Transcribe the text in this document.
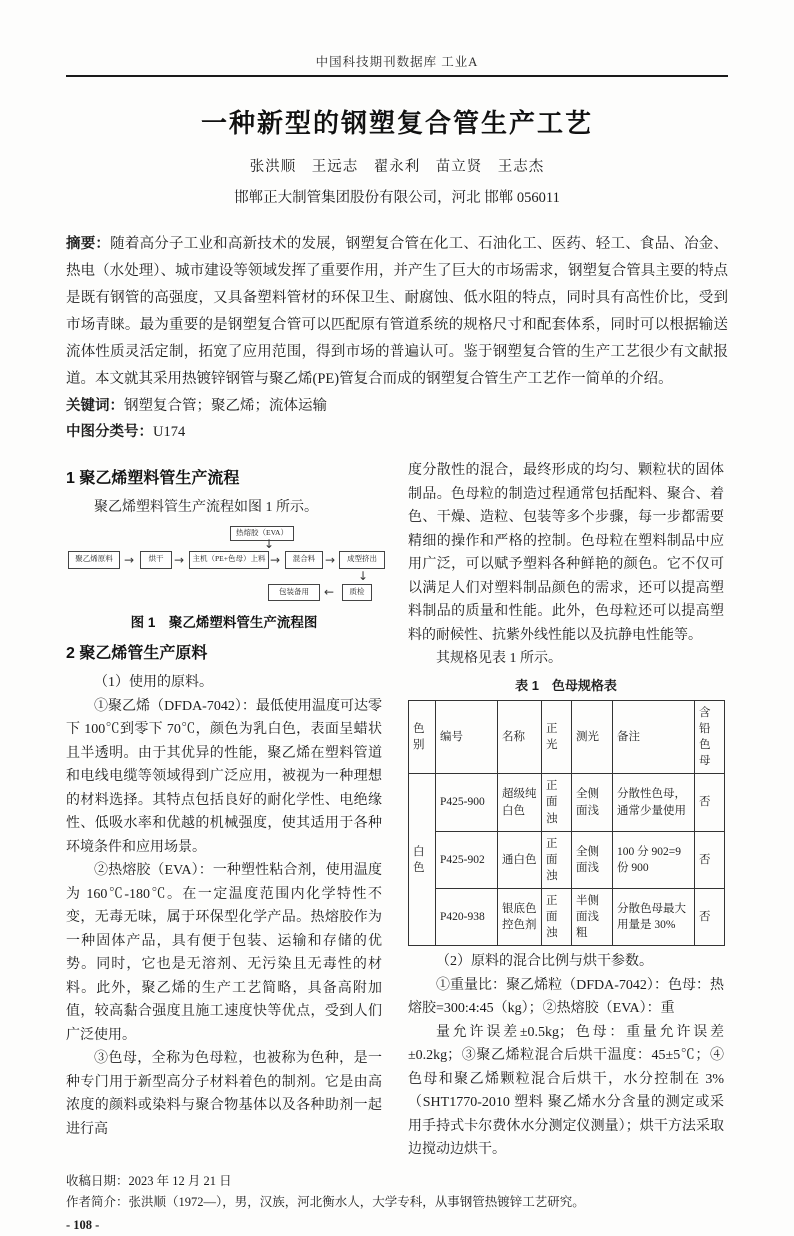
中国科技期刊数据库 工业A
一种新型的钢塑复合管生产工艺
张洪顺　王远志　翟永利　苗立贤　王志杰
邯郸正大制管集团股份有限公司，河北 邯郸 056011

摘要：随着高分子工业和高新技术的发展，钢塑复合管在化工、石油化工、医药、轻工、食品、冶金、热电（水处理）、城市建设等领域发挥了重要作用，并产生了巨大的市场需求，钢塑复合管具主要的特点是既有钢管的高强度，又具备塑料管材的环保卫生、耐腐蚀、低水阻的特点，同时具有高性价比，受到市场青睐。最为重要的是钢塑复合管可以匹配原有管道系统的规格尺寸和配套体系，同时可以根据输送流体性质灵活定制，拓宽了应用范围，得到市场的普遍认可。鉴于钢塑复合管的生产工艺很少有文献报道。本文就其采用热镀锌钢管与聚乙烯(PE)管复合而成的钢塑复合管生产工艺作一简单的介绍。

关键词：钢塑复合管；聚乙烯；流体运输

中图分类号：U174

1 聚乙烯塑料管生产流程

聚乙烯塑料管生产流程如图 1 所示。

热熔胶（EVA）
↓
聚乙烯原料 →	烘干 →	主机（PE+色母）上料 →	混合料 →	成型挤出
↓
质检
←
包装备用
图 1　聚乙烯塑料管生产流程图
2 聚乙烯管生产原料

（1）使用的原料。

①聚乙烯（DFDA-7042）：最低使用温度可达零下 100℃到零下 70℃，颜色为乳白色，表面呈蜡状且半透明。由于其优异的性能，聚乙烯在塑料管道和电线电缆等领域得到广泛应用，被视为一种理想的材料选择。其特点包括良好的耐化学性、电绝缘性、低吸水率和优越的机械强度，使其适用于各种环境条件和应用场景。

②热熔胶（EVA）：一种塑性粘合剂，使用温度为 160℃-180℃。在一定温度范围内化学特性不变，无毒无味，属于环保型化学产品。热熔胶作为一种固体产品，具有便于包装、运输和存储的优势。同时，它也是无溶剂、无污染且无毒性的材料。此外，聚乙烯的生产工艺简略，具备高附加值，较高黏合强度且施工速度快等优点，受到人们广泛使用。

③色母，全称为色母粒，也被称为色种，是一种专门用于新型高分子材料着色的制剂。它是由高浓度的颜料或染料与聚合物基体以及各种助剂一起进行高

度分散性的混合，最终形成的均匀、颗粒状的固体制品。色母粒的制造过程通常包括配料、聚合、着色、干燥、造粒、包装等多个步骤，每一步都需要精细的操作和严格的控制。色母粒在塑料制品中应用广泛，可以赋予塑料各种鲜艳的颜色。它不仅可以满足人们对塑料制品颜色的需求，还可以提高塑料制品的质量和性能。此外，色母粒还可以提高塑料的耐候性、抗紫外线性能以及抗静电性能等。

其规格见表 1 所示。

表 1　色母规格表
色别	编号	名称	正光	测光	备注	含铅色母
白色	P425-900	超级纯白色	正面浊	全侧面浅	分散性色母，通常少量使用	否
	P425-902	通白色	正面浊	全侧面浅	100 分 902=9 份 900	否
	P420-938	银底色控色剂	正面浊	半侧面浅粗	分散色母最大用量是 30%	否

（2）原料的混合比例与烘干参数。

①重量比：聚乙烯粒（DFDA-7042）：色母：热熔胶=300:4:45（kg）；②热熔胶（EVA）：重

量允许误差±0.5kg；色母：重量允许误差±0.2kg；③聚乙烯粒混合后烘干温度：45±5℃；④色母和聚乙烯颗粒混合后烘干，水分控制在 3%（SHT1770-2010 塑料 聚乙烯水分含量的测定或采用手持式卡尔费休水分测定仪测量）；烘干方法采取边搅动边烘干。

收稿日期：2023 年 12 月 21 日

作者简介：张洪顺（1972—），男，汉族，河北衡水人，大学专科，从事钢管热镀锌工艺研究。

- 108 -
